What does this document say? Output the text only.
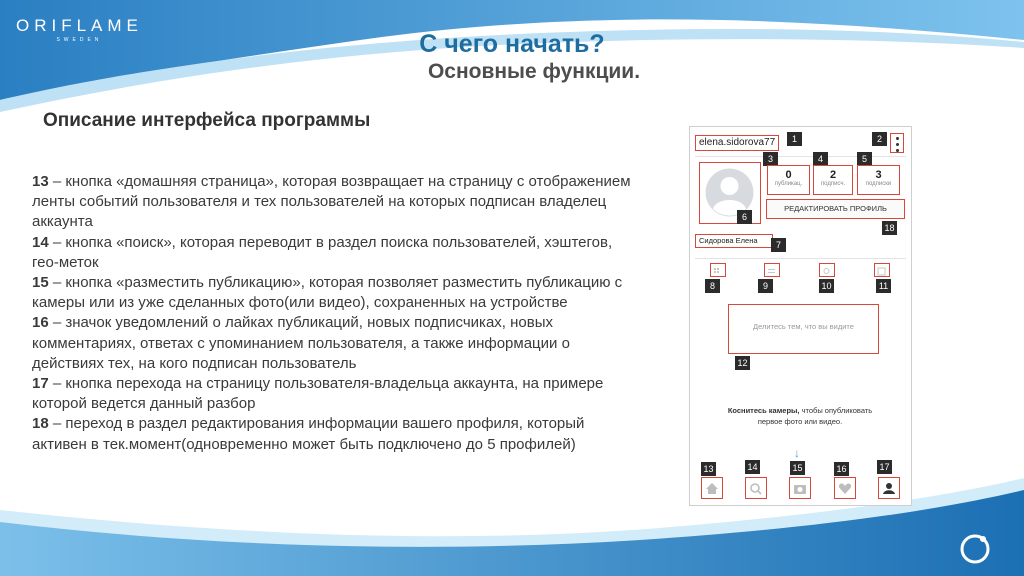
ORIFLAME
SWEDEN	С чего начать?
Основные функции.
Описание интерфейса программы

13 – кнопка «домашняя страница», которая возвращает на страницу с отображением ленты событий пользователя и тех пользователей на которых подписан владелец аккаунта

14 – кнопка «поиск», которая переводит в раздел поиска пользователей, хэштегов, гео-меток

15 – кнопка «разместить публикацию», которая позволяет разместить публикацию с камеры или из уже сделанных фото(или видео), сохраненных на устройстве

16 – значок уведомлений о лайках публикаций, новых подписчиках, новых комментариях, ответах с упоминанием пользователя, а также информации о действиях тех, на кого подписан пользователь

17 – кнопка перехода на страницу пользователя-владельца аккаунта, на примере которой ведется данный разбор

18 – переход в раздел редактирования информации вашего профиля, который активен в тек.момент(одновременно может быть подключено до 5 профилей)

elena.sidorova77	1	2
3	4	5
0
публикац.
2
подписч.
3
подписки
РЕДАКТИРОВАТЬ ПРОФИЛЬ
6
18
Сидорова Елена	7
8	9	10	11
Делитесь тем, что вы видите
12
Коснитесь камеры, чтобы опубликовать первое фото или видео.
↓
13	14	15	16	17
